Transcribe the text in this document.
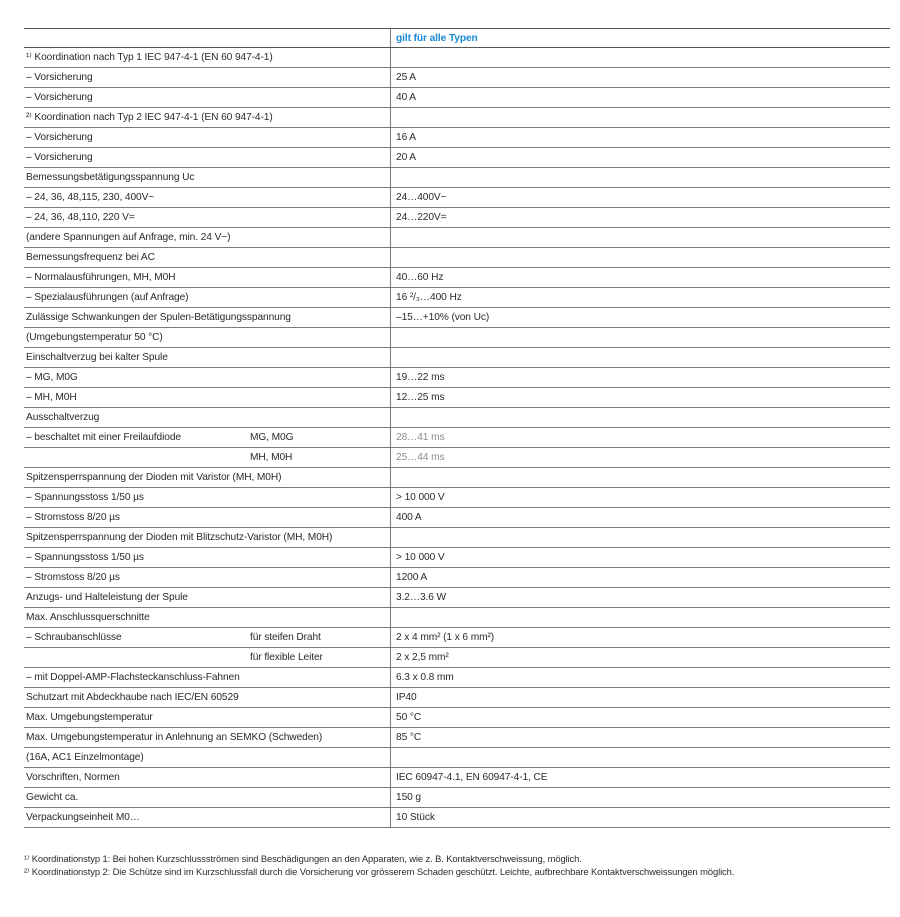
gilt für alle Typen
¹⁾ Koordination nach Typ 1 IEC 947-4-1 (EN 60 947-4-1)
– Vorsicherung	25 A
– Vorsicherung	40 A
²⁾ Koordination nach Typ 2 IEC 947-4-1 (EN 60 947-4-1)
– Vorsicherung	16 A
– Vorsicherung	20 A
Bemessungsbetätigungsspannung Uc
– 24, 36, 48,115, 230, 400V~	24…400V~
– 24, 36, 48,110, 220 V=	24…220V=
(andere Spannungen auf Anfrage, min. 24 V~)
Bemessungsfrequenz bei AC
– Normalausführungen, MH, M0H	40…60 Hz
– Spezialausführungen (auf Anfrage)	16 ²/₃…400 Hz
Zulässige Schwankungen der Spulen-Betätigungsspannung	–15…+10% (von Uc)
(Umgebungstemperatur 50 °C)
Einschaltverzug bei kalter Spule
– MG, M0G	19…22 ms
– MH, M0H	12…25 ms
Ausschaltverzug
– beschaltet mit einer Freilaufdiode	MG, M0G	28…41 ms
MH, M0H	25…44 ms
Spitzensperrspannung der Dioden mit Varistor (MH, M0H)
– Spannungsstoss 1/50 µs	> 10 000 V
– Stromstoss 8/20 µs	400 A
Spitzensperrspannung der Dioden mit Blitzschutz-Varistor (MH, M0H)
– Spannungsstoss 1/50 µs	> 10 000 V
– Stromstoss 8/20 µs	1200 A
Anzugs- und Halteleistung der Spule	3.2…3.6 W
Max. Anschlussquerschnitte
– Schraubanschlüsse	für steifen Draht	2 x 4 mm² (1 x 6 mm²)
für flexible Leiter	2 x 2,5 mm²
– mit Doppel-AMP-Flachsteckanschluss-Fahnen	6.3 x 0.8 mm
Schutzart mit Abdeckhaube nach IEC/EN 60529	IP40
Max. Umgebungstemperatur	50 °C
Max. Umgebungstemperatur in Anlehnung an SEMKO (Schweden)	85 °C
(16A, AC1 Einzelmontage)
Vorschriften, Normen	IEC 60947-4.1, EN 60947-4-1, CE
Gewicht ca.	150 g
Verpackungseinheit M0…	10 Stück
¹⁾ Koordinationstyp 1: Bei hohen Kurzschlussströmen sind Beschädigungen an den Apparaten, wie z. B. Kontaktverschweissung, möglich.
²⁾ Koordinationstyp 2: Die Schütze sind im Kurzschlussfall durch die Vorsicherung vor grösserem Schaden geschützt. Leichte, aufbrechbare Kontaktverschweissungen möglich.
